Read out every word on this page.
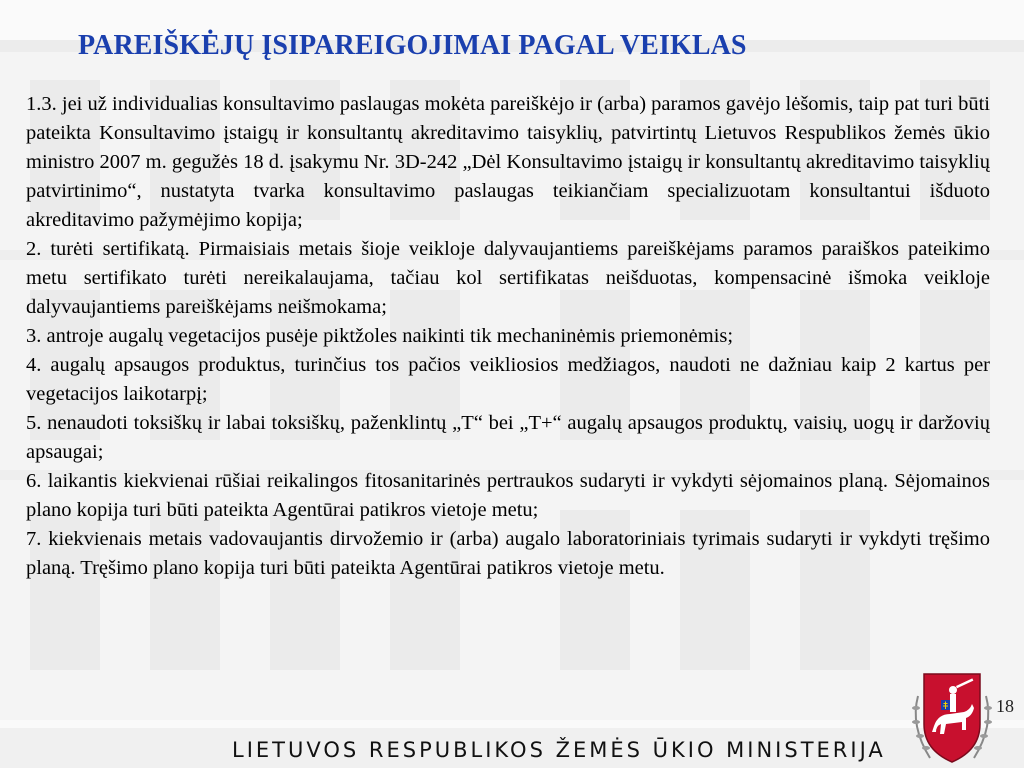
PAREIŠKĖJŲ ĮSIPAREIGOJIMAI PAGAL VEIKLAS

1.3. jei už individualias konsultavimo paslaugas mokėta pareiškėjo ir (arba) paramos gavėjo lėšomis, taip pat turi būti pateikta Konsultavimo įstaigų ir konsultantų akreditavimo taisyklių, patvirtintų Lietuvos Respublikos žemės ūkio ministro 2007 m. gegužės 18 d. įsakymu Nr. 3D-242 „Dėl Konsultavimo įstaigų ir konsultantų akreditavimo taisyklių patvirtinimo“, nustatyta tvarka konsultavimo paslaugas teikiančiam specializuotam konsultantui išduoto akreditavimo pažymėjimo kopija;

2. turėti sertifikatą. Pirmaisiais metais šioje veikloje dalyvaujantiems pareiškėjams paramos paraiškos pateikimo metu sertifikato turėti nereikalaujama, tačiau kol sertifikatas neišduotas, kompensacinė išmoka veikloje dalyvaujantiems pareiškėjams neišmokama;

3. antroje augalų vegetacijos pusėje piktžoles naikinti tik mechaninėmis priemonėmis;

4. augalų apsaugos produktus, turinčius tos pačios veikliosios medžiagos, naudoti ne dažniau kaip 2 kartus per vegetacijos laikotarpį;

5. nenaudoti toksiškų ir labai toksiškų, paženklintų „T“ bei „T+“ augalų apsaugos produktų, vaisių, uogų ir daržovių apsaugai;

6. laikantis kiekvienai rūšiai reikalingos fitosanitarinės pertraukos sudaryti ir vykdyti sėjomainos planą. Sėjomainos plano kopija turi būti pateikta Agentūrai patikros vietoje metu;

7. kiekvienais metais vadovaujantis dirvožemio ir (arba) augalo laboratoriniais tyrimais sudaryti ir vykdyti tręšimo planą. Tręšimo plano kopija turi būti pateikta Agentūrai patikros vietoje metu.

18
LIETUVOS RESPUBLIKOS ŽEMĖS ŪKIO MINISTERIJA
